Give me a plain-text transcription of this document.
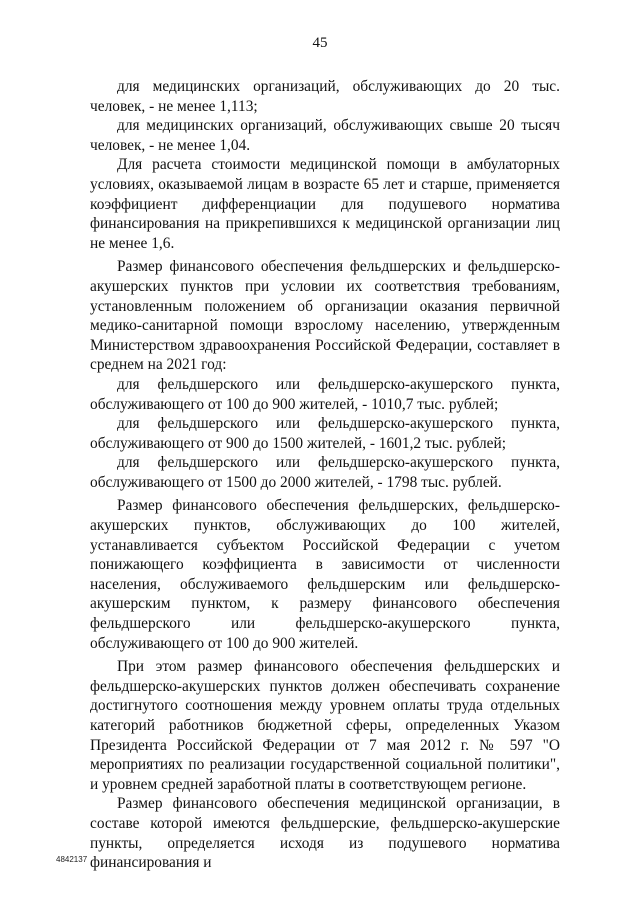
45

для медицинских организаций, обслуживающих до 20 тыс. человек, - не менее 1,113;

для медицинских организаций, обслуживающих свыше 20 тысяч человек, - не менее 1,04.

Для расчета стоимости медицинской помощи в амбулаторных условиях, оказываемой лицам в возрасте 65 лет и старше, применяется коэффициент дифференциации для подушевого норматива финансирования на прикрепившихся к медицинской организации лиц не менее 1,6.

Размер финансового обеспечения фельдшерских и фельдшерско-акушерских пунктов при условии их соответствия требованиям, установленным положением об организации оказания первичной медико-санитарной помощи взрослому населению, утвержденным Министерством здравоохранения Российской Федерации, составляет в среднем на 2021 год:

для фельдшерского или фельдшерско-акушерского пункта, обслуживающего от 100 до 900 жителей, - 1010,7 тыс. рублей;

для фельдшерского или фельдшерско-акушерского пункта, обслуживающего от 900 до 1500 жителей, - 1601,2 тыс. рублей;

для фельдшерского или фельдшерско-акушерского пункта, обслуживающего от 1500 до 2000 жителей, - 1798 тыс. рублей.

Размер финансового обеспечения фельдшерских, фельдшерско-акушерских пунктов, обслуживающих до 100 жителей, устанавливается субъектом Российской Федерации с учетом понижающего коэффициента в зависимости от численности населения, обслуживаемого фельдшерским или фельдшерско-акушерским пунктом, к размеру финансового обеспечения фельдшерского или фельдшерско-акушерского пункта, обслуживающего от 100 до 900 жителей.

При этом размер финансового обеспечения фельдшерских и фельдшерско-акушерских пунктов должен обеспечивать сохранение достигнутого соотношения между уровнем оплаты труда отдельных категорий работников бюджетной сферы, определенных Указом Президента Российской Федерации от 7 мая 2012 г. № 597 "О мероприятиях по реализации государственной социальной политики", и уровнем средней заработной платы в соответствующем регионе.

Размер финансового обеспечения медицинской организации, в составе которой имеются фельдшерские, фельдшерско-акушерские пункты, определяется исходя из подушевого норматива финансирования и

4842137
